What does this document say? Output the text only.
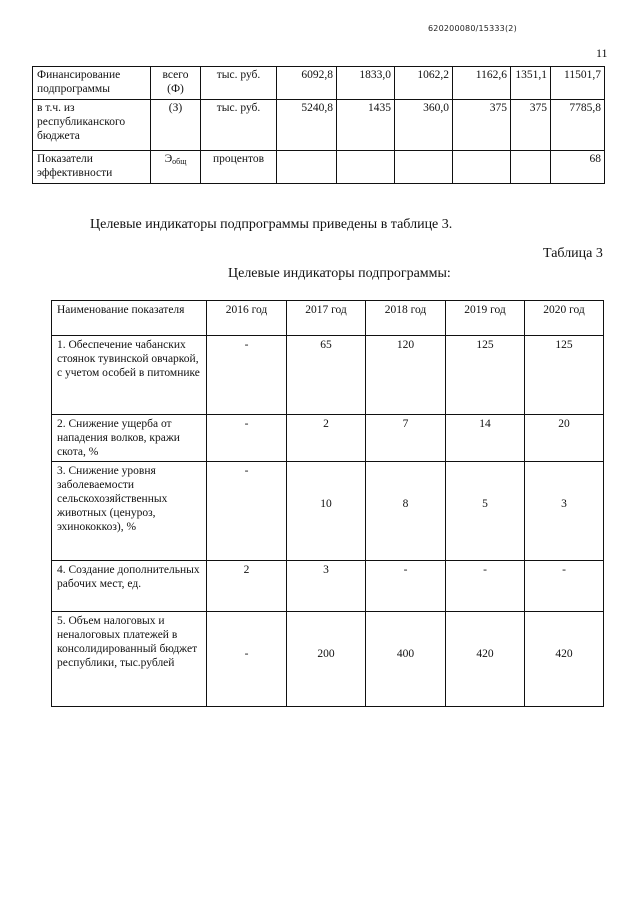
620200080/15333(2)
11
Финансирование подпрограммы	всего (Ф)	тыс. руб.	6092,8	1833,0	1062,2	1162,6	1351,1	11501,7
в т.ч. из республиканского бюджета	(З)	тыс. руб.	5240,8	1435	360,0	375	375	7785,8
Показатели эффективности	$Э_{общ}$	процентов						68
Целевые индикаторы подпрограммы приведены в таблице 3.
Таблица 3
Целевые индикаторы подпрограммы:
Наименование показателя	2016 год	2017 год	2018 год	2019 год	2020 год
1. Обеспечение чабанских стоянок тувинской овчаркой, с учетом особей в питомнике	-	65	120	125	125
2. Снижение ущерба от нападения волков, кражи скота, %	-	2	7	14	20
3. Снижение уровня заболеваемости сельскохозяйственных животных (ценуроз, эхинококкоз), %	-	10	8	5	3
4. Создание дополнительных рабочих мест, ед.	2	3	-	-	-
5. Объем налоговых и неналоговых платежей в консолидированный бюджет республики, тыс.рублей	-	200	400	420	420
